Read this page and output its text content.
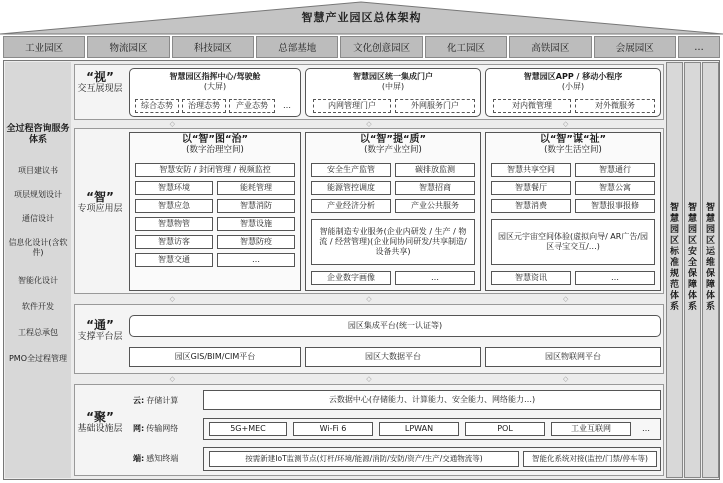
智慧产业园区总体架构
工业园区	物流园区	科技园区	总部基地	文化创意园区	化工园区	高铁园区	会展园区	…
全过程咨询服务体系
项目建议书
项层规划设计
通信设计
信息化设计(含软件)
智能化设计
软件开发
工程总承包
PMO全过程管理
智慧园区标准规范体系
智慧园区安全保障体系
智慧园区运维保障体系
“视”
交互展现层
智慧园区指挥中心/驾驶舱
(大屏)
综合态势	治理态势	产业态势	…
智慧园区统一集成门户
(中屏)
内网管理门户	外网服务门户
智慧园区APP / 移动小程序
(小屏)
对内微管理	对外微服务
◇	◇	◇
“智”
专项应用层
以“智”图“治”
(数字治理空间)
智慧安防 / 封闭管理 / 视频监控
智慧环境	能耗管理
智慧应急	智慧消防
智慧物管	智慧设施
智慧访客	智慧防疫
智慧交通	…
以“智”提“质”
(数字产业空间)
安全生产监管	碳排放监测
能源管控调度	智慧招商
产业经济分析	产业公共服务
智能制造专业服务(企业内研发 / 生产 / 物流 / 经营管理)(企业间协同研发/共享制造/设备共享)
企业数字画像	…
以“智”谋“祉”
(数字生活空间)
智慧共享空间	智慧通行
智慧餐厅	智慧公寓
智慧消费	智慧报事报修
园区元宇宙空间体验(虚拟向导/ AR广告/园区寻宝交互/…)
智慧资讯	…
◇	◇	◇
“通”
支撑平台层
园区集成平台(统一认证等)
园区GIS/BIM/CIM平台	园区大数据平台	园区物联网平台
◇	◇	◇
“聚”
基础设施层
云: 存储计算	云数据中心(存储能力、计算能力、安全能力、网络能力…)
网: 传输网络	5G+MEC	Wi-Fi 6	LPWAN	POL	工业互联网	…
端: 感知终端	按需新建IoT监测节点(灯杆/环境/能源/消防/安防/资产/生产/交通物流等)	智能化系统对接(监控/门禁/停车等)
